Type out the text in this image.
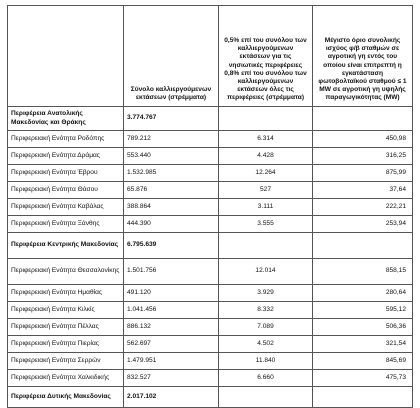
	Σύνολο καλλιεργούμενων εκτάσεων (στρέμματα)	0,5% επί του συνόλου των καλλιεργούμενων εκτάσεων για τις νησιωτικές περιφέρειες 0,8% επί του συνόλου των καλλιεργούμενων εκτάσεων όλες τις περιφέρειες (στρέμματα)	Μέγιστο όριο συνολικής ισχύος φ/β σταθμών σε αγροτική γη εντός του οποίου είναι επιτρεπτή η εγκατάσταση φωτοβολταϊκού σταθμού ≤ 1 MW σε αγροτική γη υψηλής παραγωγικότητας (MW)

Περιφέρεια Ανατολικής Μακεδονίας και Θράκης	3.774.767		
Περιφερειακή Ενότητα Ροδόπης	789.212	6.314	450,98
Περιφερειακή Ενότητα Δράμας	553.440	4.428	316,25
Περιφερειακή Ενότητα Έβρου	1.532.985	12.264	875,99
Περιφερειακή Ενότητα Θάσου	65.876	527	37,64
Περιφερειακή Ενότητα Καβάλας	388.864	3.111	222,21
Περιφερειακή Ενότητα Ξάνθης	444.390	3.555	253,94
Περιφέρεια Κεντρικής Μακεδονίας	6.795.639		
Περιφερειακή Ενότητα Θεσσαλονίκης	1.501.756	12.014	858,15
Περιφερειακή Ενότητα Ημαθίας	491.120	3.929	280,64
Περιφερειακή Ενότητα Κιλκίς	1.041.456	8.332	595,12
Περιφερειακή Ενότητα Πέλλας	886.132	7.089	506,36
Περιφερειακή Ενότητα Πιερίας	562.697	4.502	321,54
Περιφερειακή Ενότητα Σερρών	1.479.951	11.840	845,69
Περιφερειακή Ενότητα Χαλκιδικής	832.527	6.660	475,73
Περιφέρεια Δυτικής Μακεδονίας	2.017.102		
